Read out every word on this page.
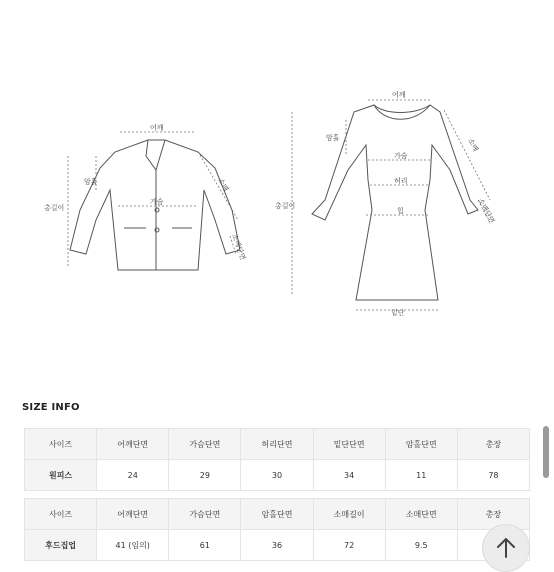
어깨
암홀
가슴
총길이
소매
소매단면
어깨
암홀
가슴
허리
힙
총길이
소매
소매단면
밑단
SIZE INFO
사이즈	어깨단면	가슴단면	허리단면	밑단단면	암홀단면	총장
원피스	24	29	30	34	11	78
사이즈	어깨단면	가슴단면	암홀단면	소매길이	소매단면	총장
후드집업	41 (임의)	61	36	72	9.5	
